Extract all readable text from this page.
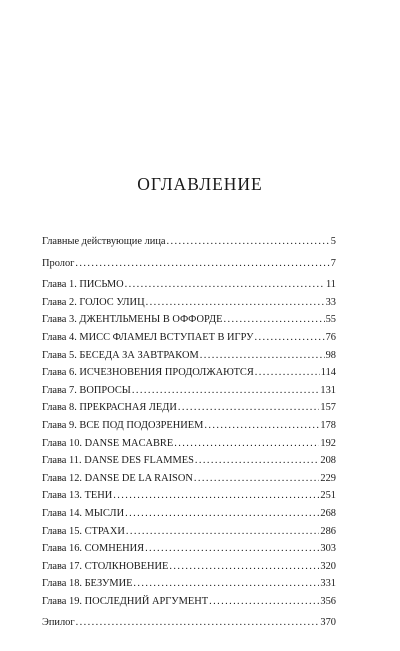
ОГЛАВЛЕНИЕ
Главные действующие лица .....	5
Пролог .....	7
Глава 1. ПИСЬМО .....	11
Глава 2. ГОЛОС УЛИЦ .....	33
Глава 3. ДЖЕНТЛЬМЕНЫ В ОФФОРДЕ .....	55
Глава 4. МИСС ФЛАМЕЛ ВСТУПАЕТ В ИГРУ .....	76
Глава 5. БЕСЕДА ЗА ЗАВТРАКОМ .....	98
Глава 6. ИСЧЕЗНОВЕНИЯ ПРОДОЛЖАЮТСЯ .....	114
Глава 7. ВОПРОСЫ .....	131
Глава 8. ПРЕКРАСНАЯ ЛЕДИ .....	157
Глава 9. ВСЕ ПОД ПОДОЗРЕНИЕМ .....	178
Глава 10. DANSE MACABRE .....	192
Глава 11. DANSE DES FLAMMES .....	208
Глава 12. DANSE DE LA RAISON .....	229
Глава 13. ТЕНИ .....	251
Глава 14. МЫСЛИ .....	268
Глава 15. СТРАХИ .....	286
Глава 16. СОМНЕНИЯ .....	303
Глава 17. СТОЛКНОВЕНИЕ .....	320
Глава 18. БЕЗУМИЕ .....	331
Глава 19. ПОСЛЕДНИЙ АРГУМЕНТ .....	356
Эпилог .....	370
